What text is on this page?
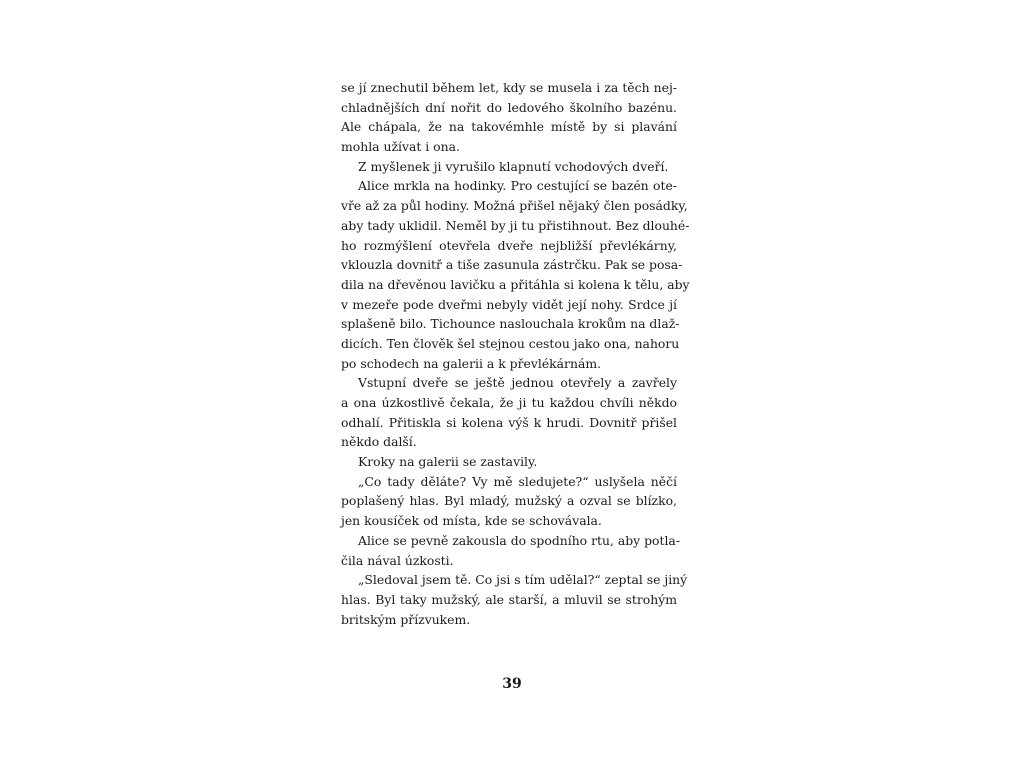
se jí znechutil během let, kdy se musela i za těch nej-
chladnějších dní nořit do ledového školního bazénu.
Ale chápala, že na takovémhle místě by si plavání
mohla užívat i ona.
Z myšlenek ji vyrušilo klapnutí vchodových dveří.
Alice mrkla na hodinky. Pro cestující se bazén ote-
vře až za půl hodiny. Možná přišel nějaký člen posádky,
aby tady uklidil. Neměl by ji tu přistihnout. Bez dlouhé-
ho rozmýšlení otevřela dveře nejbližší převlékárny,
vklouzla dovnitř a tiše zasunula zástrčku. Pak se posa-
dila na dřevěnou lavičku a přitáhla si kolena k tělu, aby
v mezeře pode dveřmi nebyly vidět její nohy. Srdce jí
splašeně bilo. Tichounce naslouchala krokům na dlaž-
dicích. Ten člověk šel stejnou cestou jako ona, nahoru
po schodech na galerii a k převlékárnám.
Vstupní dveře se ještě jednou otevřely a zavřely
a ona úzkostlivě čekala, že ji tu každou chvíli někdo
odhalí. Přitiskla si kolena výš k hrudi. Dovnitř přišel
někdo další.
Kroky na galerii se zastavily.
„Co tady děláte? Vy mě sledujete?“ uslyšela něčí
poplašený hlas. Byl mladý, mužský a ozval se blízko,
jen kousíček od místa, kde se schovávala.
Alice se pevně zakousla do spodního rtu, aby potla-
čila nával úzkosti.
„Sledoval jsem tě. Co jsi s tím udělal?“ zeptal se jiný
hlas. Byl taky mužský, ale starší, a mluvil se strohým
britským přízvukem.
39
